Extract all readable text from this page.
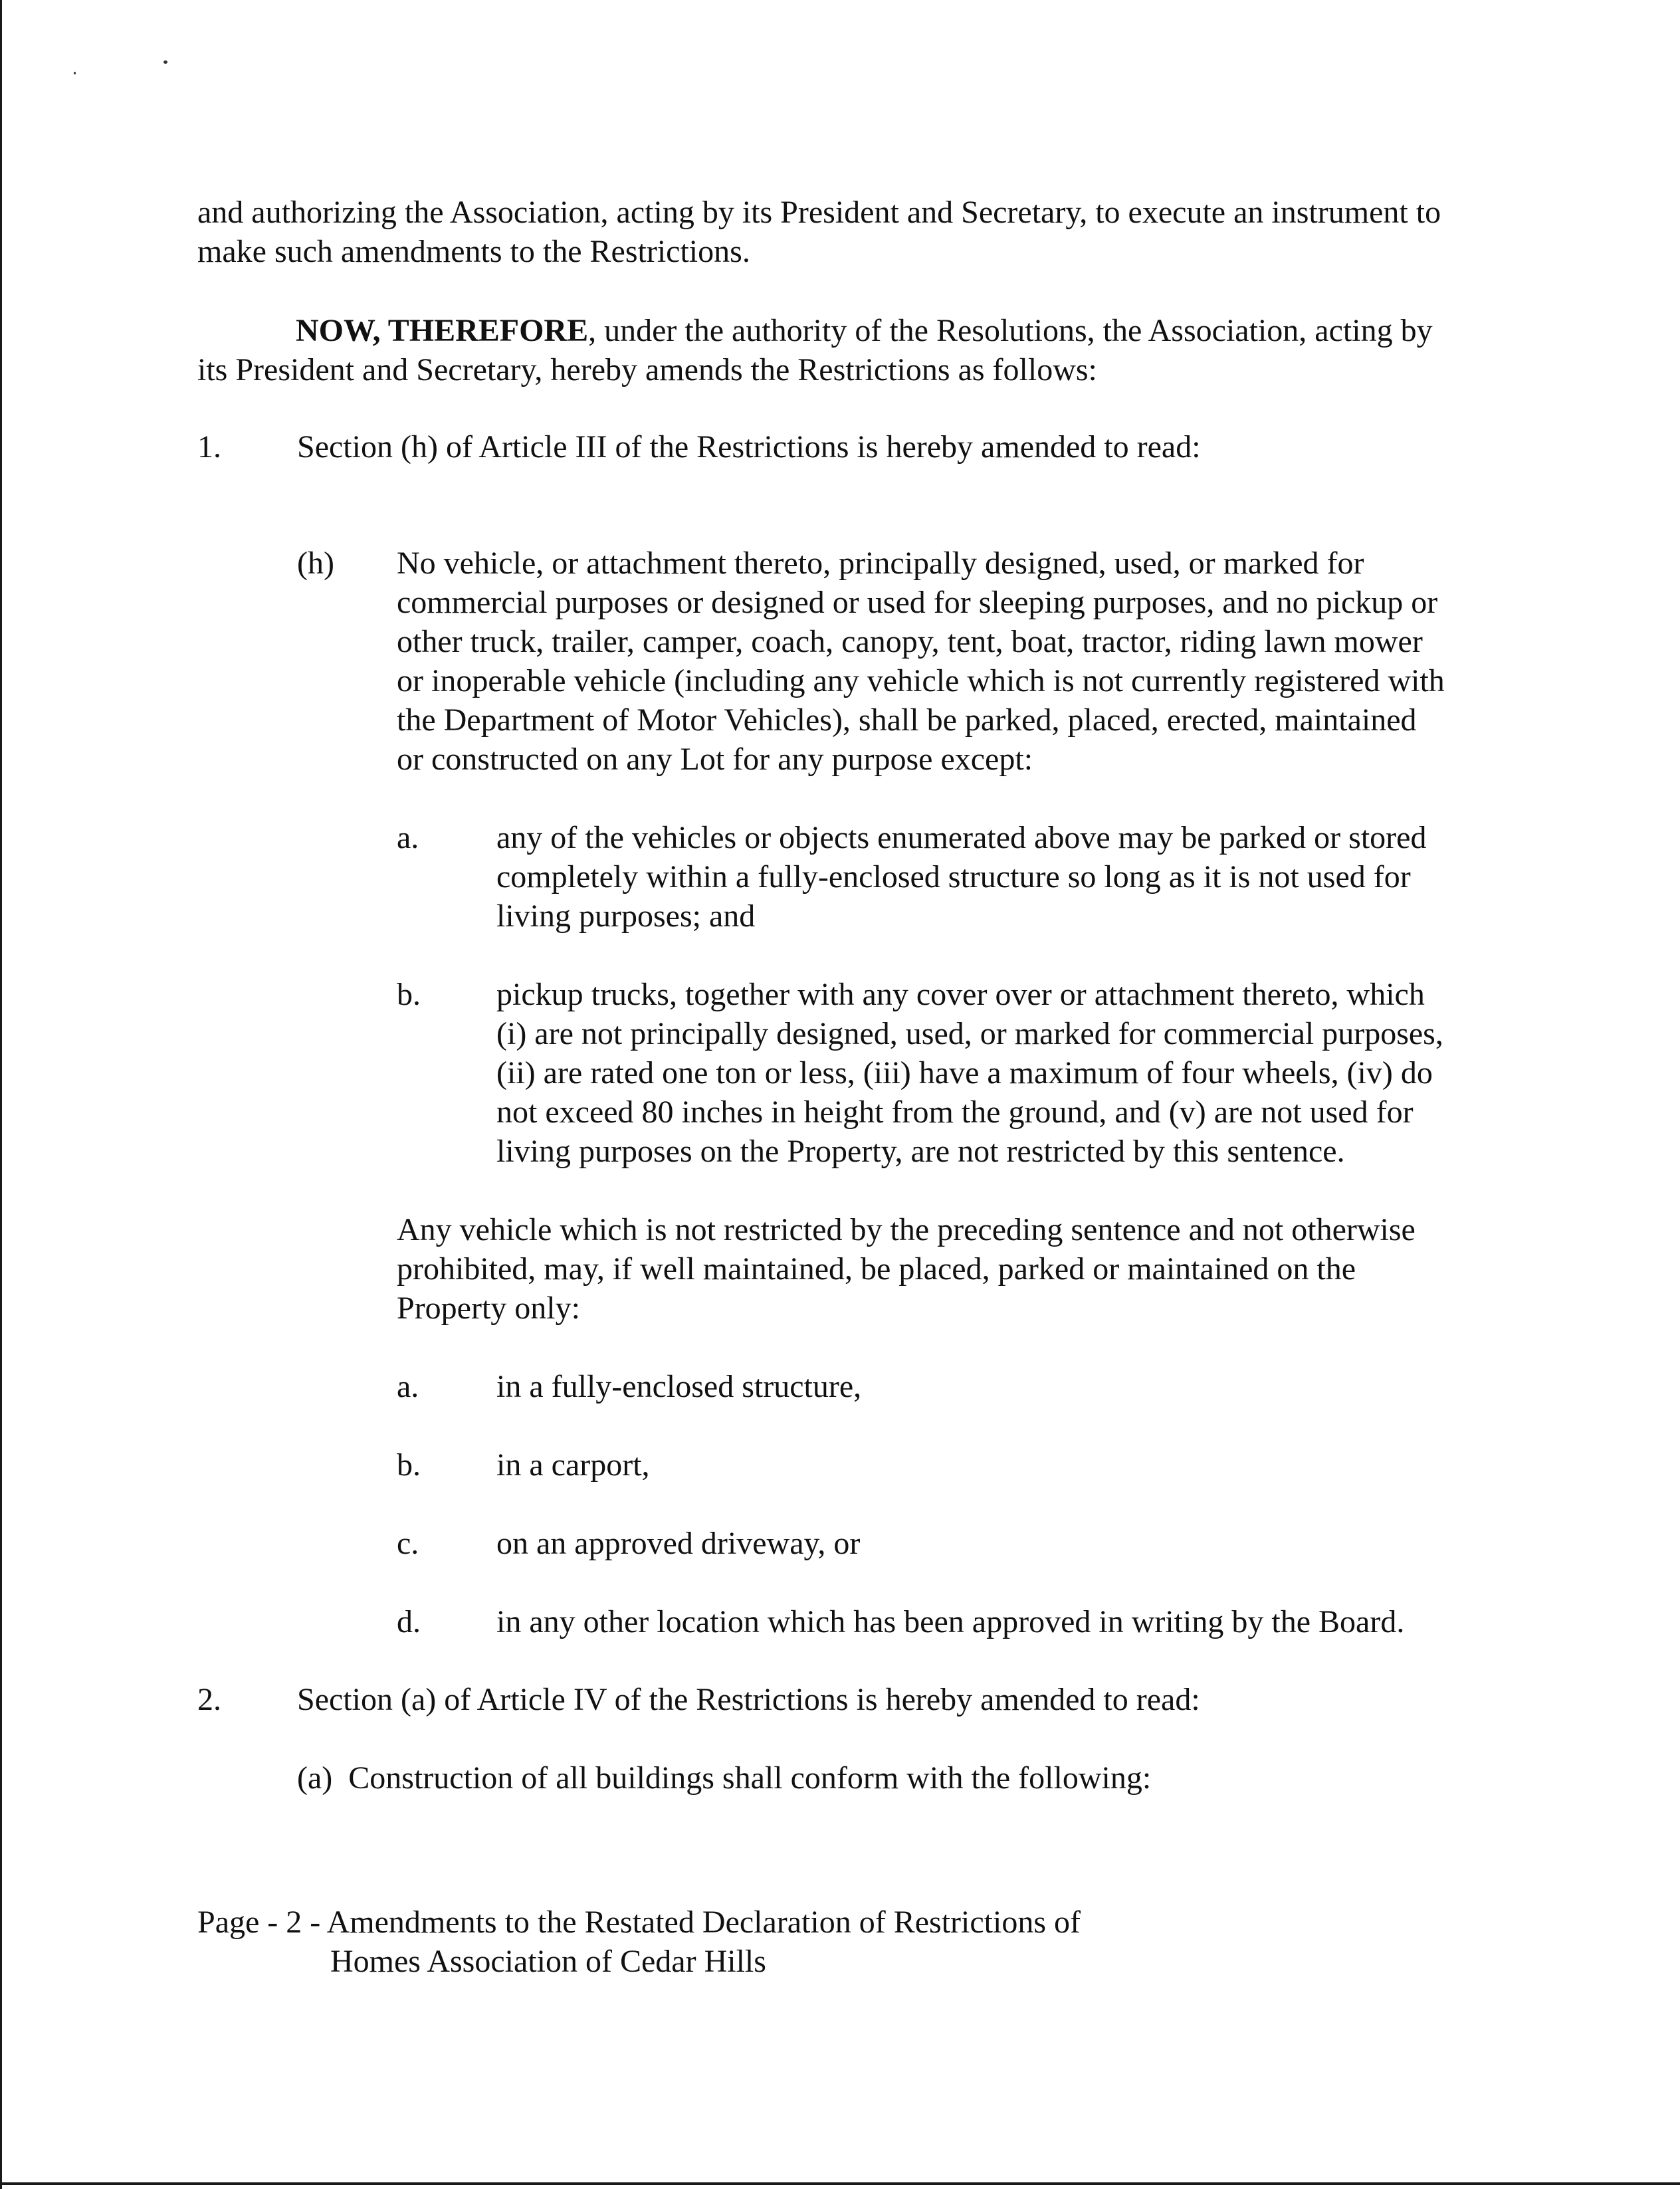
and authorizing the Association, acting by its President and Secretary, to execute an instrument to
make such amendments to the Restrictions.
NOW, THEREFORE, under the authority of the Resolutions, the Association, acting by
its President and Secretary, hereby amends the Restrictions as follows:
1. Section (h) of Article III of the Restrictions is hereby amended to read:
(h) No vehicle, or attachment thereto, principally designed, used, or marked for
commercial purposes or designed or used for sleeping purposes, and no pickup or
other truck, trailer, camper, coach, canopy, tent, boat, tractor, riding lawn mower
or inoperable vehicle (including any vehicle which is not currently registered with
the Department of Motor Vehicles), shall be parked, placed, erected, maintained
or constructed on any Lot for any purpose except:
a. any of the vehicles or objects enumerated above may be parked or stored
completely within a fully-enclosed structure so long as it is not used for
living purposes; and
b. pickup trucks, together with any cover over or attachment thereto, which
(i) are not principally designed, used, or marked for commercial purposes,
(ii) are rated one ton or less, (iii) have a maximum of four wheels, (iv) do
not exceed 80 inches in height from the ground, and (v) are not used for
living purposes on the Property, are not restricted by this sentence.
Any vehicle which is not restricted by the preceding sentence and not otherwise
prohibited, may, if well maintained, be placed, parked or maintained on the
Property only:
a. in a fully-enclosed structure,
b. in a carport,
c. on an approved driveway, or
d. in any other location which has been approved in writing by the Board.
2. Section (a) of Article IV of the Restrictions is hereby amended to read:
(a)  Construction of all buildings shall conform with the following:
Page - 2 - Amendments to the Restated Declaration of Restrictions of
Homes Association of Cedar Hills
